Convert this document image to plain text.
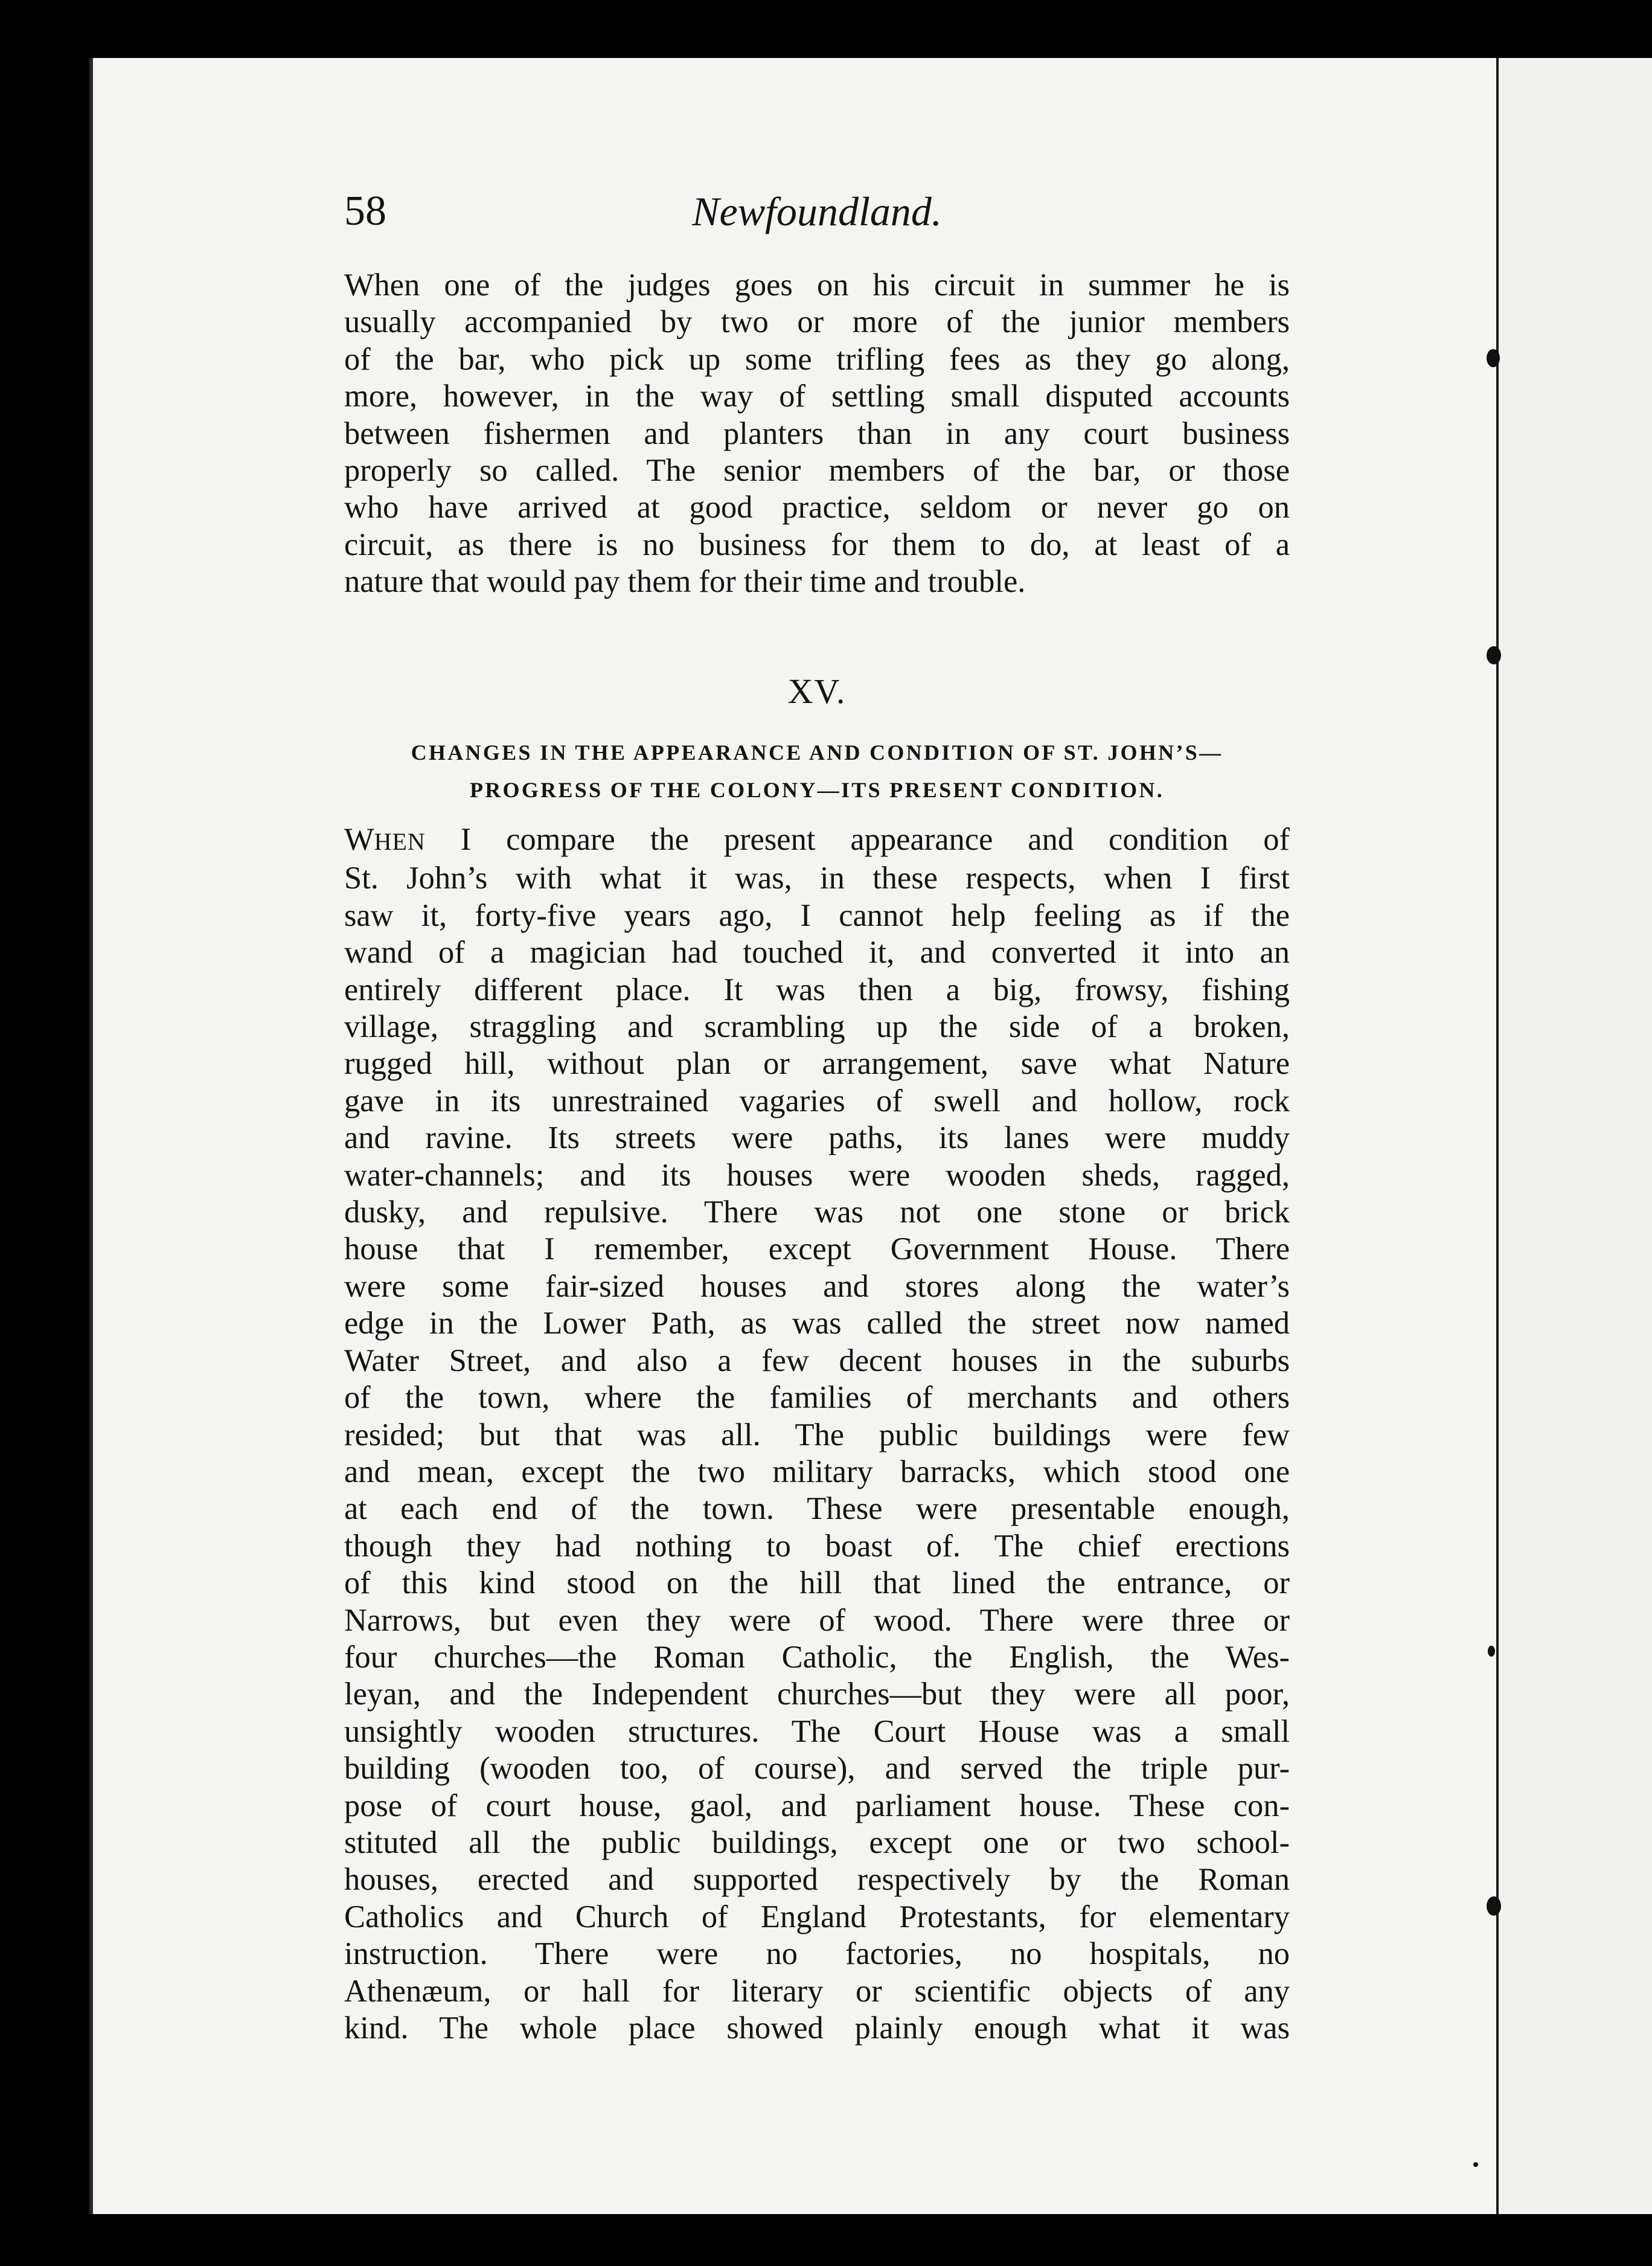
58	Newfoundland.
When one of the judges goes on his circuit in summer he is
usually accompanied by two or more of the junior members
of the bar, who pick up some trifling fees as they go along,
more, however, in the way of settling small disputed accounts
between fishermen and planters than in any court business
properly so called. The senior members of the bar, or those
who have arrived at good practice, seldom or never go on
circuit, as there is no business for them to do, at least of a
nature that would pay them for their time and trouble.
XV.
CHANGES IN THE APPEARANCE AND CONDITION OF ST. JOHN’S—
PROGRESS OF THE COLONY—ITS PRESENT CONDITION.
WHEN I compare the present appearance and condition of
St. John’s with what it was, in these respects, when I first
saw it, forty-five years ago, I cannot help feeling as if the
wand of a magician had touched it, and converted it into an
entirely different place. It was then a big, frowsy, fishing
village, straggling and scrambling up the side of a broken,
rugged hill, without plan or arrangement, save what Nature
gave in its unrestrained vagaries of swell and hollow, rock
and ravine. Its streets were paths, its lanes were muddy
water-channels; and its houses were wooden sheds, ragged,
dusky, and repulsive. There was not one stone or brick
house that I remember, except Government House. There
were some fair-sized houses and stores along the water’s
edge in the Lower Path, as was called the street now named
Water Street, and also a few decent houses in the suburbs
of the town, where the families of merchants and others
resided; but that was all. The public buildings were few
and mean, except the two military barracks, which stood one
at each end of the town. These were presentable enough,
though they had nothing to boast of. The chief erections
of this kind stood on the hill that lined the entrance, or
Narrows, but even they were of wood. There were three or
four churches—the Roman Catholic, the English, the Wes-
leyan, and the Independent churches—but they were all poor,
unsightly wooden structures. The Court House was a small
building (wooden too, of course), and served the triple pur-
pose of court house, gaol, and parliament house. These con-
stituted all the public buildings, except one or two school-
houses, erected and supported respectively by the Roman
Catholics and Church of England Protestants, for elementary
instruction. There were no factories, no hospitals, no
Athenæum, or hall for literary or scientific objects of any
kind. The whole place showed plainly enough what it was
